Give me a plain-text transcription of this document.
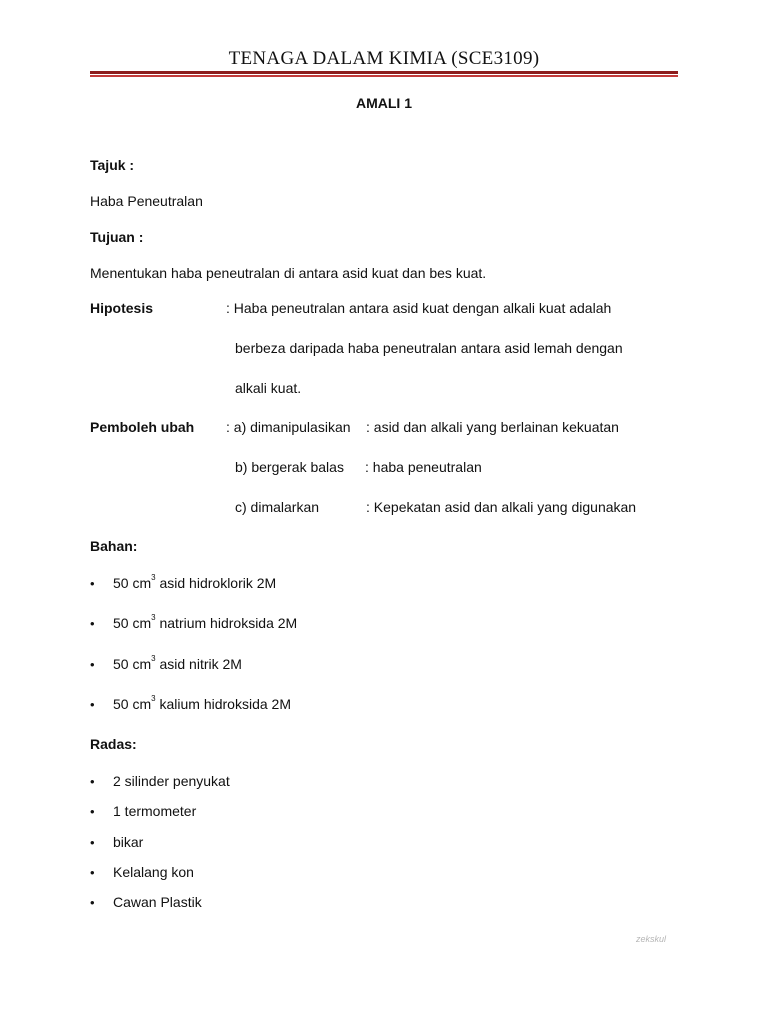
TENAGA DALAM KIMIA (SCE3109)
AMALI 1
Tajuk :
Haba Peneutralan
Tujuan :
Menentukan haba peneutralan di antara asid kuat dan bes kuat.
Hipotesis	: Haba peneutralan antara asid kuat dengan alkali kuat adalah
berbeza daripada haba peneutralan antara asid lemah dengan
alkali kuat.
Pemboleh ubah : a) dimanipulasikan : asid dan alkali yang berlainan kekuatan
b) bergerak balas : haba peneutralan
c) dimalarkan	: Kepekatan asid dan alkali yang digunakan
Bahan:
• 50 $cm^3$ asid hidroklorik 2M
• 50 $cm^3$ natrium hidroksida 2M
• 50 $cm^3$ asid nitrik 2M
• 50 $cm^3$ kalium hidroksida 2M
Radas:
• 2 silinder penyukat
• 1 termometer
• bikar
• Kelalang kon
• Cawan Plastik
zekskul
